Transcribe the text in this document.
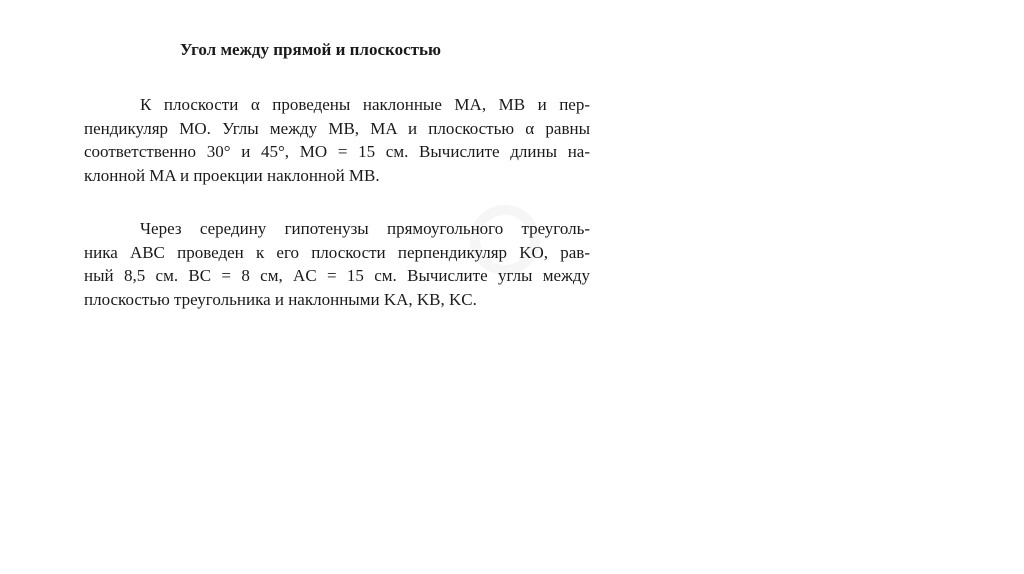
Угол между прямой и плоскостью
К плоскости α проведены наклонные MA, MB и пер-
пендикуляр MO. Углы между MB, MA и плоскостью α равны
соответственно 30° и 45°, MO = 15 см. Вычислите длины на-
клонной MA и проекции наклонной MB.
Через середину гипотенузы прямоугольного треуголь-
ника ABC проведен к его плоскости перпендикуляр KO, рав-
ный 8,5 см. BC = 8 см, AC = 15 см. Вычислите углы между
плоскостью треугольника и наклонными KA, KB, KC.
